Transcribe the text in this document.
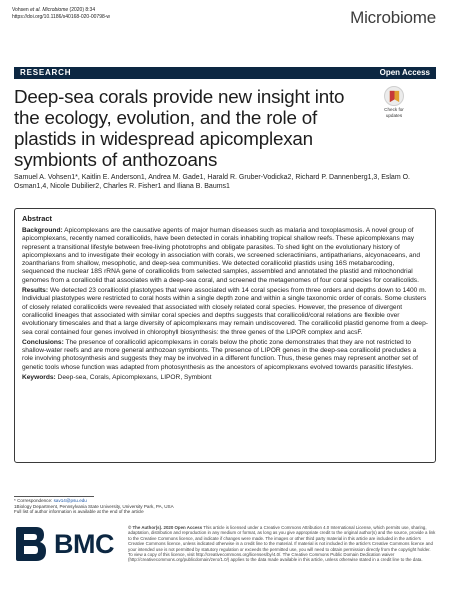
Vohsen et al. Microbiome (2020) 8:34
https://doi.org/10.1186/s40168-020-00798-w	Microbiome
RESEARCH	Open Access
Deep-sea corals provide new insight into the ecology, evolution, and the role of plastids in widespread apicomplexan symbionts of anthozoans
Check for
updates
Samuel A. Vohsen1*, Kaitlin E. Anderson1, Andrea M. Gade1, Harald R. Gruber-Vodicka2, Richard P. Dannenberg1,3, Eslam O. Osman1,4, Nicole Dubilier2, Charles R. Fisher1 and Iliana B. Baums1
Abstract

Background: Apicomplexans are the causative agents of major human diseases such as malaria and toxoplasmosis. A novel group of apicomplexans, recently named corallicolids, have been detected in corals inhabiting tropical shallow reefs. These apicomplexans may represent a transitional lifestyle between free-living phototrophs and obligate parasites. To shed light on the evolutionary history of apicomplexans and to investigate their ecology in association with corals, we screened scleractinians, antipatharians, alcyonaceans, and zoantharians from shallow, mesophotic, and deep-sea communities. We detected corallicolid plastids using 16S metabarcoding, sequenced the nuclear 18S rRNA gene of corallicolids from selected samples, assembled and annotated the plastid and mitochondrial genomes from a corallicolid that associates with a deep-sea coral, and screened the metagenomes of four coral species for corallicolids.

Results: We detected 23 corallicolid plastotypes that were associated with 14 coral species from three orders and depths down to 1400 m. Individual plastotypes were restricted to coral hosts within a single depth zone and within a single taxonomic order of corals. Some clusters of closely related corallicolids were revealed that associated with closely related coral species. However, the presence of divergent corallicolid lineages that associated with similar coral species and depths suggests that corallicolid/coral relations are flexible over evolutionary timescales and that a large diversity of apicomplexans may remain undiscovered. The corallicolid plastid genome from a deep-sea coral contained four genes involved in chlorophyll biosynthesis: the three genes of the LIPOR complex and acsF.

Conclusions: The presence of corallicolid apicomplexans in corals below the photic zone demonstrates that they are not restricted to shallow-water reefs and are more general anthozoan symbionts. The presence of LIPOR genes in the deep-sea corallicolid precludes a role involving photosynthesis and suggests they may be involved in a different function. Thus, these genes may represent another set of genetic tools whose function was adapted from photosynthesis as the ancestors of apicomplexans evolved towards parasitic lifestyles.

Keywords: Deep-sea, Corals, Apicomplexans, LIPOR, Symbiont

* Correspondence: sav14@psu.edu
1Biology Department, Pennsylvania State University, University Park, PA, USA
Full list of author information is available at the end of the article
BMC
© The Author(s). 2020 Open Access This article is licensed under a Creative Commons Attribution 4.0 International License, which permits use, sharing, adaptation, distribution and reproduction in any medium or format, as long as you give appropriate credit to the original author(s) and the source, provide a link to the Creative Commons licence, and indicate if changes were made. The images or other third party material in this article are included in the article's Creative Commons licence, unless indicated otherwise in a credit line to the material. If material is not included in the article's Creative Commons licence and your intended use is not permitted by statutory regulation or exceeds the permitted use, you will need to obtain permission directly from the copyright holder. To view a copy of this licence, visit http://creativecommons.org/licenses/by/4.0/. The Creative Commons Public Domain Dedication waiver (http://creativecommons.org/publicdomain/zero/1.0/) applies to the data made available in this article, unless otherwise stated in a credit line to the data.
